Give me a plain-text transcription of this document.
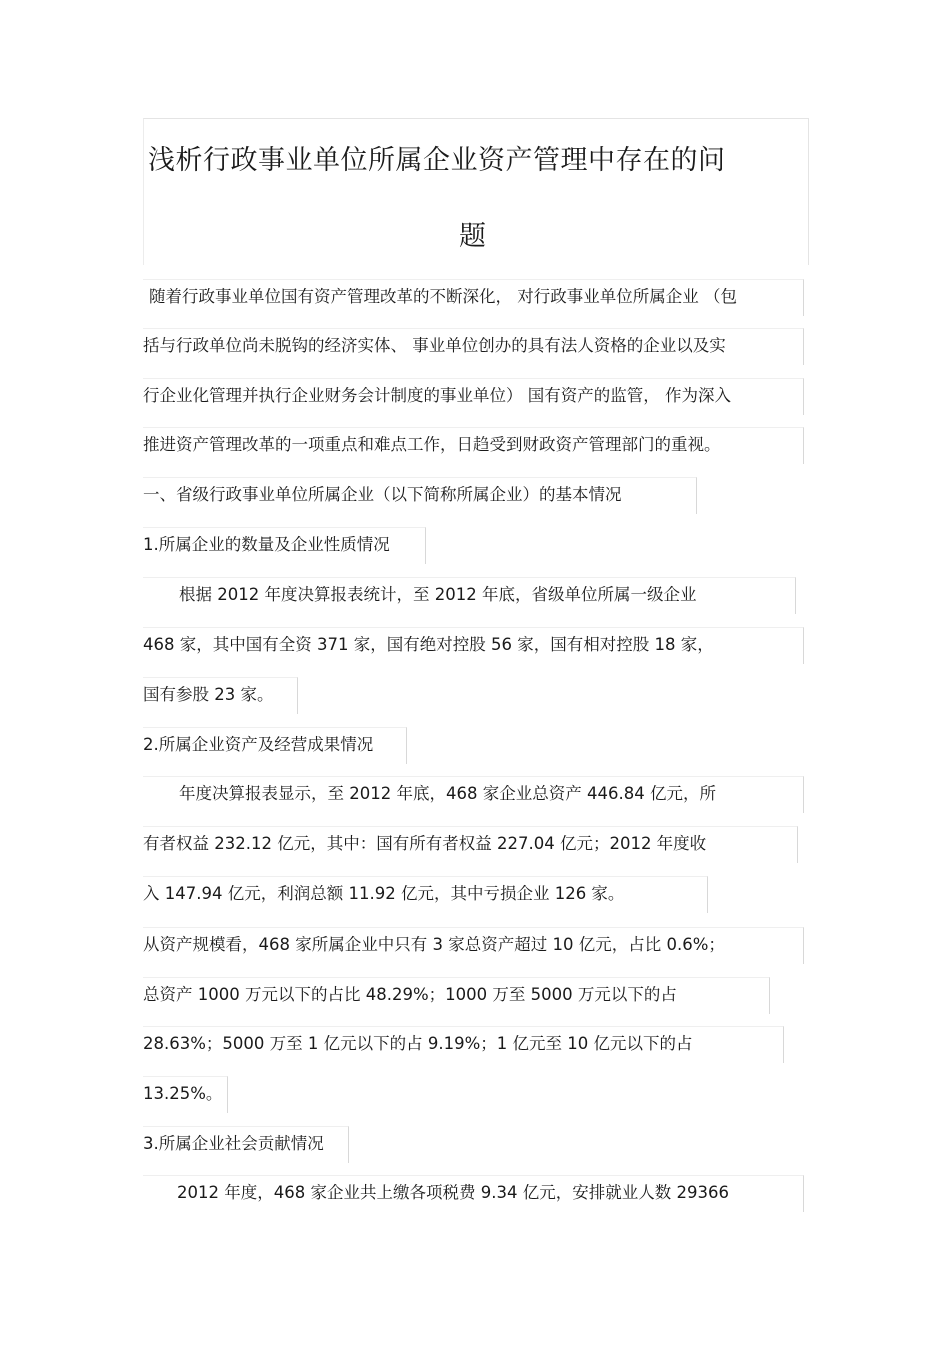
浅析行政事业单位所属企业资产管理中存在的问
题
随着行政事业单位国有资产管理改革的不断深化， 对行政事业单位所属企业 （包
括与行政单位尚未脱钩的经济实体、 事业单位创办的具有法人资格的企业以及实
行企业化管理并执行企业财务会计制度的事业单位） 国有资产的监管， 作为深入
推进资产管理改革的一项重点和难点工作，日趋受到财政资产管理部门的重视。
一、省级行政事业单位所属企业（以下简称所属企业）的基本情况
1.所属企业的数量及企业性质情况
根据 2012 年度决算报表统计，至 2012 年底，省级单位所属一级企业
468 家，其中国有全资 371 家，国有绝对控股 56 家，国有相对控股 18 家，
国有参股 23 家。
2.所属企业资产及经营成果情况
年度决算报表显示，至 2012 年底，468 家企业总资产 446.84 亿元，所
有者权益 232.12 亿元，其中：国有所有者权益 227.04 亿元；2012 年度收
入 147.94 亿元，利润总额 11.92 亿元，其中亏损企业 126 家。
从资产规模看，468 家所属企业中只有 3 家总资产超过 10 亿元，占比 0.6%；
总资产 1000 万元以下的占比 48.29%；1000 万至 5000 万元以下的占
28.63%；5000 万至 1 亿元以下的占 9.19%；1 亿元至 10 亿元以下的占
13.25%。
3.所属企业社会贡献情况
2012 年度，468 家企业共上缴各项税费 9.34 亿元，安排就业人数 29366
